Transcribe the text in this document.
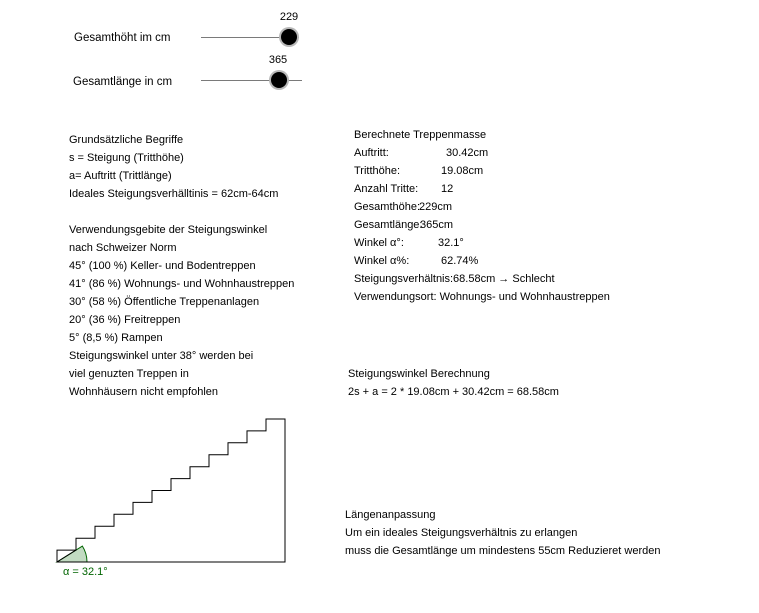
Gesamthöht im cm
229
Gesamtlänge in cm
365
Grundsätzliche Begriffe
s = Steigung (Tritthöhe)
a= Auftritt (Trittlänge)
Ideales Steigungsverhälltinis = 62cm-64cm
Verwendungsgebite der Steigungswinkel
nach Schweizer Norm
45° (100 %) Keller- und Bodentreppen
41° (86 %) Wohnungs- und Wohnhaustreppen
30° (58 %) Öffentliche Treppenanlagen
20° (36 %) Freitreppen
5° (8,5 %) Rampen
Steigungswinkel unter 38° werden bei
viel genuzten Treppen in
Wohnhäusern nicht empfohlen
Berechnete Treppenmasse
Auftritt:	30.42cm
Tritthöhe:	19.08cm
Anzahl Tritte:	12
Gesamthöhe:
229cm
Gesamtlänge:
365cm
Winkel α°:	32.1°
Winkel α%:	62.74%
Steigungsverhältnis:68.58cm → Schlecht
Verwendungsort: Wohnungs- und Wohnhaustreppen
Steigungswinkel Berechnung
2s + a = 2 * 19.08cm + 30.42cm = 68.58cm
Längenanpassung
Um ein ideales Steigungsverhältnis zu erlangen
muss die Gesamtlänge um mindestens 55cm Reduzieret werden
α = 32.1°
